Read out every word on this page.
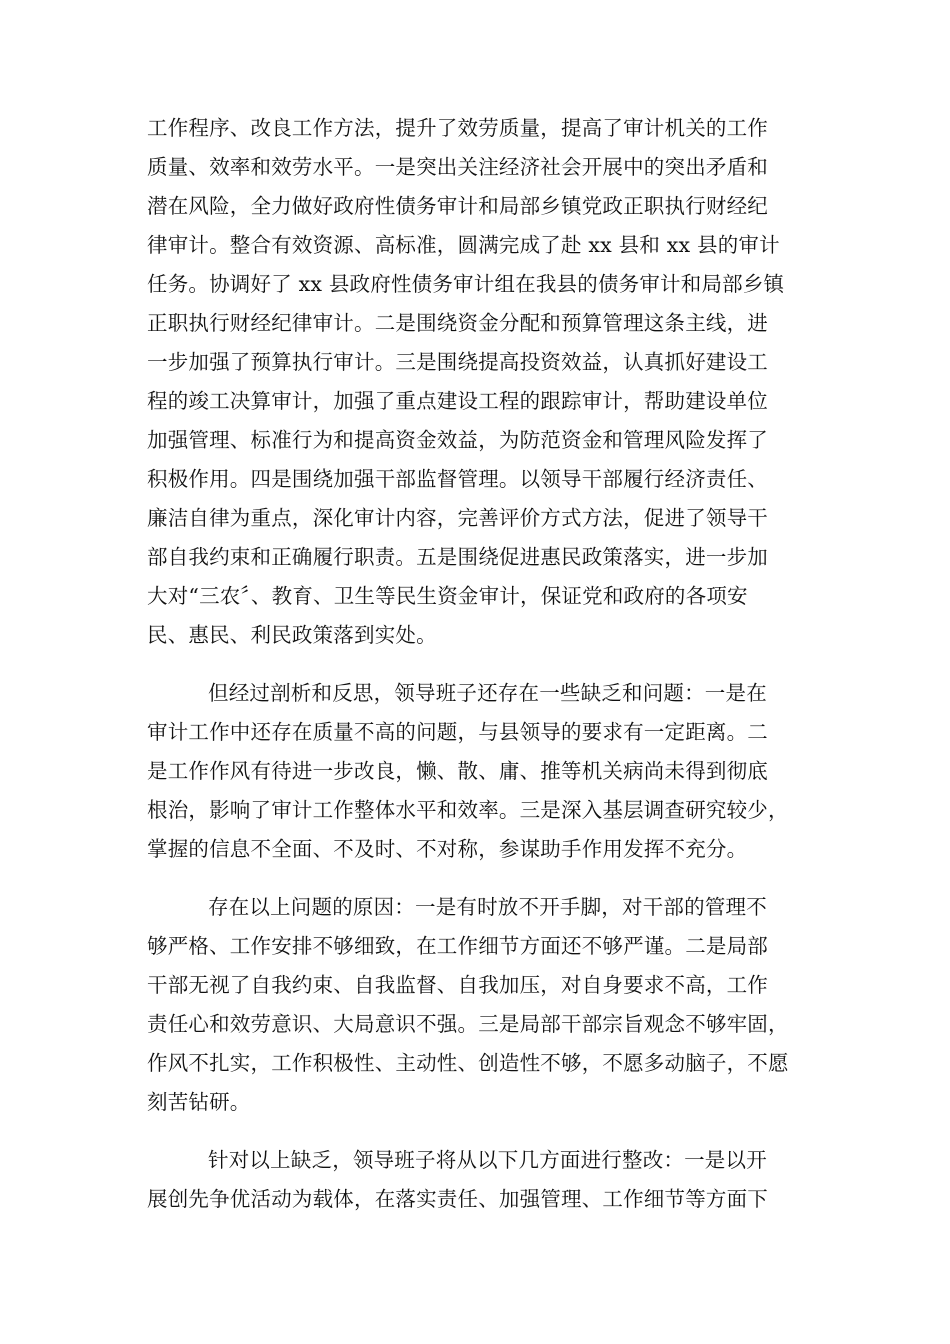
工作程序、改良工作方法，提升了效劳质量，提高了审计机关的工作
质量、效率和效劳水平。一是突出关注经济社会开展中的突出矛盾和
潜在风险，全力做好政府性债务审计和局部乡镇党政正职执行财经纪
律审计。整合有效资源、高标准，圆满完成了赴 xx 县和 xx 县的审计
任务。协调好了 xx 县政府性债务审计组在我县的债务审计和局部乡镇
正职执行财经纪律审计。二是围绕资金分配和预算管理这条主线，进
一步加强了预算执行审计。三是围绕提高投资效益，认真抓好建设工
程的竣工决算审计，加强了重点建设工程的跟踪审计，帮助建设单位
加强管理、标准行为和提高资金效益，为防范资金和管理风险发挥了
积极作用。四是围绕加强干部监督管理。以领导干部履行经济责任、
廉洁自律为重点，深化审计内容，完善评价方式方法，促进了领导干
部自我约束和正确履行职责。五是围绕促进惠民政策落实，进一步加
大对“三农〞、教育、卫生等民生资金审计，保证党和政府的各项安
民、惠民、利民政策落到实处。
但经过剖析和反思，领导班子还存在一些缺乏和问题：一是在
审计工作中还存在质量不高的问题，与县领导的要求有一定距离。二
是工作作风有待进一步改良，懒、散、庸、推等机关病尚未得到彻底
根治，影响了审计工作整体水平和效率。三是深入基层调查研究较少，
掌握的信息不全面、不及时、不对称，参谋助手作用发挥不充分。
存在以上问题的原因：一是有时放不开手脚，对干部的管理不
够严格、工作安排不够细致，在工作细节方面还不够严谨。二是局部
干部无视了自我约束、自我监督、自我加压，对自身要求不高，工作
责任心和效劳意识、大局意识不强。三是局部干部宗旨观念不够牢固，
作风不扎实，工作积极性、主动性、创造性不够，不愿多动脑子，不愿
刻苦钻研。
针对以上缺乏，领导班子将从以下几方面进行整改：一是以开
展创先争优活动为载体，在落实责任、加强管理、工作细节等方面下
